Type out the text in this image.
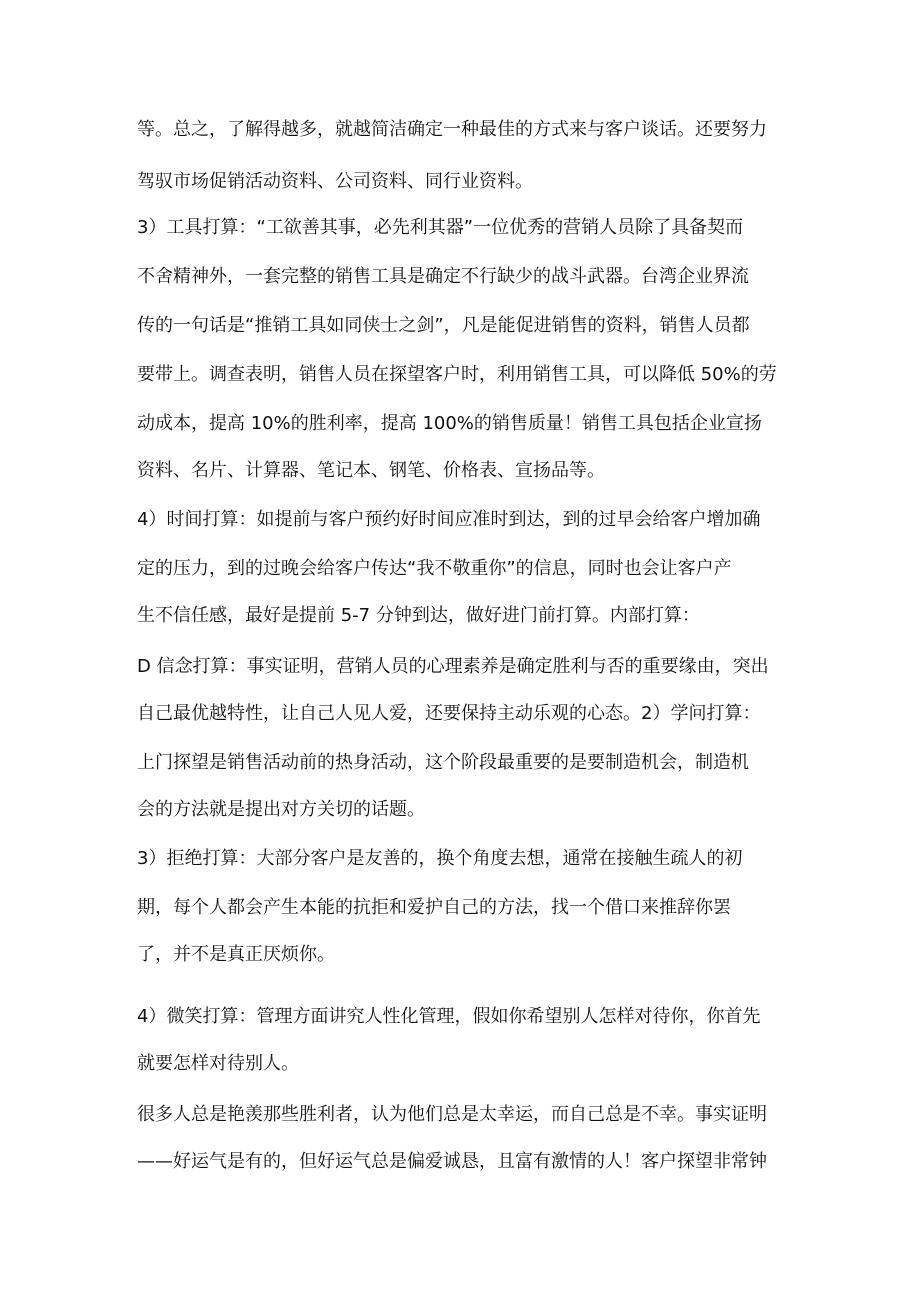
等。总之，了解得越多，就越简洁确定一种最佳的方式来与客户谈话。还要努力
驾驭市场促销活动资料、公司资料、同行业资料。
3）工具打算：“工欲善其事，必先利其器”一位优秀的营销人员除了具备契而
不舍精神外，一套完整的销售工具是确定不行缺少的战斗武器。台湾企业界流
传的一句话是“推销工具如同侠士之剑”，凡是能促进销售的资料，销售人员都
要带上。调查表明，销售人员在探望客户时，利用销售工具，可以降低 50%的劳
动成本，提高 10%的胜利率，提高 100%的销售质量！销售工具包括企业宣扬
资料、名片、计算器、笔记本、钢笔、价格表、宣扬品等。
4）时间打算：如提前与客户预约好时间应准时到达，到的过早会给客户增加确
定的压力，到的过晚会给客户传达“我不敬重你”的信息，同时也会让客户产
生不信任感，最好是提前 5-7 分钟到达，做好进门前打算。内部打算：
D 信念打算：事实证明，营销人员的心理素养是确定胜利与否的重要缘由，突出
自己最优越特性，让自己人见人爱，还要保持主动乐观的心态。2）学问打算：
上门探望是销售活动前的热身活动，这个阶段最重要的是要制造机会，制造机
会的方法就是提出对方关切的话题。
3）拒绝打算：大部分客户是友善的，换个角度去想，通常在接触生疏人的初
期，每个人都会产生本能的抗拒和爱护自己的方法，找一个借口来推辞你罢
了，并不是真正厌烦你。
4）微笑打算：管理方面讲究人性化管理，假如你希望别人怎样对待你，你首先
就要怎样对待别人。
很多人总是艳羡那些胜利者，认为他们总是太幸运，而自己总是不幸。事实证明
——好运气是有的，但好运气总是偏爱诚恳，且富有激情的人！客户探望非常钟
